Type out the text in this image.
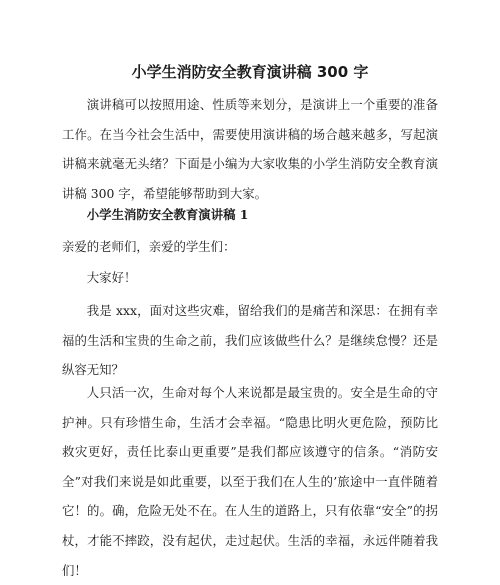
小学生消防安全教育演讲稿 300 字

演讲稿可以按照用途、性质等来划分，是演讲上一个重要的准备工作。在当今社会生活中，需要使用演讲稿的场合越来越多，写起演讲稿来就毫无头绪？下面是小编为大家收集的小学生消防安全教育演讲稿 300 字，希望能够帮助到大家。

小学生消防安全教育演讲稿 1

亲爱的老师们，亲爱的学生们：

大家好！

我是 xxx，面对这些灾难，留给我们的是痛苦和深思：在拥有幸福的生活和宝贵的生命之前，我们应该做些什么？是继续怠慢？还是纵容无知？

人只活一次，生命对每个人来说都是最宝贵的。安全是生命的守护神。只有珍惜生命，生活才会幸福。“隐患比明火更危险，预防比救灾更好，责任比泰山更重要”是我们都应该遵守的信条。“消防安全”对我们来说是如此重要，以至于我们在人生的’旅途中一直伴随着它！的。确，危险无处不在。在人生的道路上，只有依靠“安全”的拐杖，才能不摔跤，没有起伏，走过起伏。生活的幸福，永远伴随着我们！
